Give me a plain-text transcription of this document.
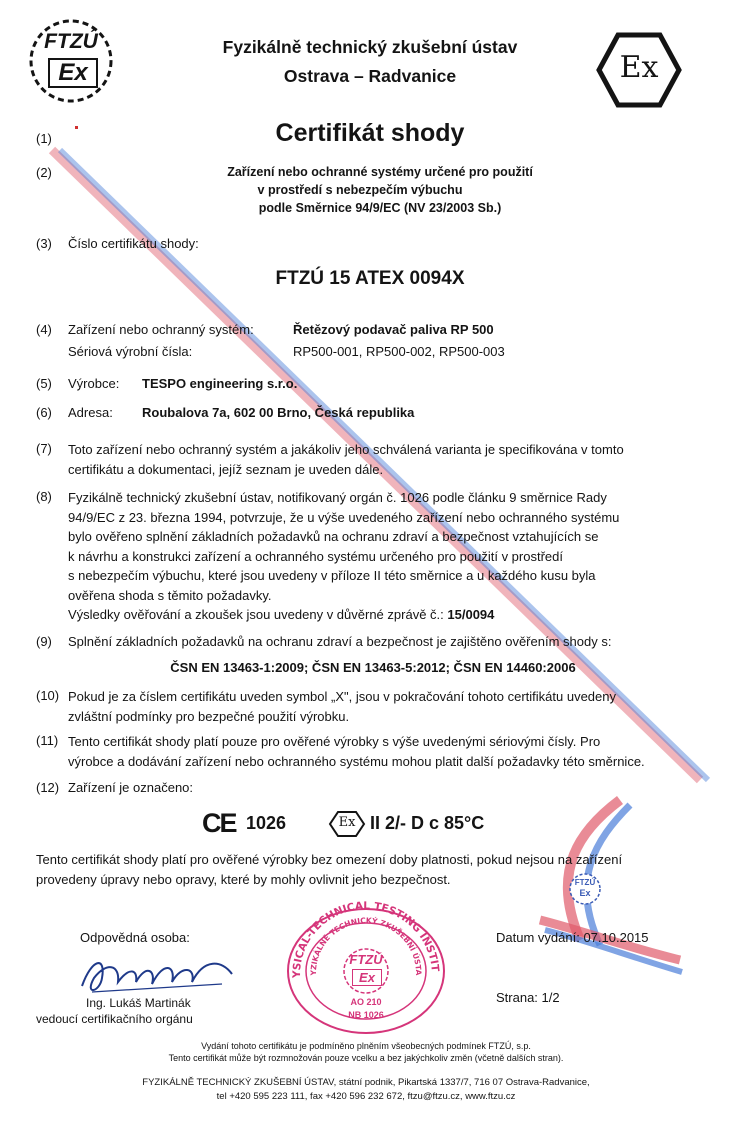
FTZÚ
Ex
Fyzikálně technický zkušební ústav
Ostrava – Radvanice	Ex
(1)	Certifikát shody
(2)	Zařízení nebo ochranné systémy určené pro použití
v prostředí s nebezpečím výbuchu
podle Směrnice 94/9/EC (NV 23/2003 Sb.)
(3) Číslo certifikátu shody:
FTZÚ 15 ATEX 0094X
(4) Zařízení nebo ochranný systém:	Řetězový podavač paliva RP 500
Sériová výrobní čísla:	RP500-001, RP500-002, RP500-003
(5) Výrobce: TESPO engineering s.r.o.
(6) Adresa: Roubalova 7a, 602 00 Brno, Česká republika
(7) Toto zařízení nebo ochranný systém a jakákoliv jeho schválená varianta je specifikována v tomto
certifikátu a dokumentaci, jejíž seznam je uveden dále.
(8) Fyzikálně technický zkušební ústav, notifikovaný orgán č. 1026 podle článku 9 směrnice Rady
94/9/EC z 23. března 1994, potvrzuje, že u výše uvedeného zařízení nebo ochranného systému
bylo ověřeno splnění základních požadavků na ochranu zdraví a bezpečnost vztahujících se
k návrhu a konstrukci zařízení a ochranného systému určeného pro použití v prostředí
s nebezpečím výbuchu, které jsou uvedeny v příloze II této směrnice a u každého kusu byla
ověřena shoda s těmito požadavky.
Výsledky ověřování a zkoušek jsou uvedeny v důvěrné zprávě č.: 15/0094
(9) Splnění základních požadavků na ochranu zdraví a bezpečnost je zajištěno ověřením shody s:
ČSN EN 13463-1:2009; ČSN EN 13463-5:2012; ČSN EN 14460:2006
(10) Pokud je za číslem certifikátu uveden symbol „X", jsou v pokračování tohoto certifikátu uvedeny
zvláštní podmínky pro bezpečné použití výrobku.
(11) Tento certifikát shody platí pouze pro ověřené výrobky s výše uvedenými sériovými čísly. Pro
výrobce a dodávání zařízení nebo ochranného systému mohou platit další požadavky této směrnice.
(12) Zařízení je označeno:
CE 1026	Ex II 2/- D c 85°C
Tento certifikát shody platí pro ověřené výrobky bez omezení doby platnosti, pokud nejsou na zařízení
provedeny úpravy nebo opravy, které by mohly ovlivnit jeho bezpečnost.	FTZÚ
Ex
Odpovědná osoba:
Ing. Lukáš Martinák
vedoucí certifikačního orgánu
YSICAL-TECHNICAL TESTING INSTIT
YZIKÁLNĚ TECHNICKÝ ZKUŠEBNÍ ÚSTA
FTZÚ
Ex
AO 210
NB 1026
Datum vydání: 07.10.2015
Strana: 1/2
Vydání tohoto certifikátu je podmíněno plněním všeobecných podmínek FTZÚ, s.p.
Tento certifikát může být rozmnožován pouze vcelku a bez jakýchkoliv změn (včetně dalších stran).
FYZIKÁLNĚ TECHNICKÝ ZKUŠEBNÍ ÚSTAV, státní podnik, Pikartská 1337/7, 716 07 Ostrava-Radvanice,
tel +420 595 223 111, fax +420 596 232 672, ftzu@ftzu.cz, www.ftzu.cz
